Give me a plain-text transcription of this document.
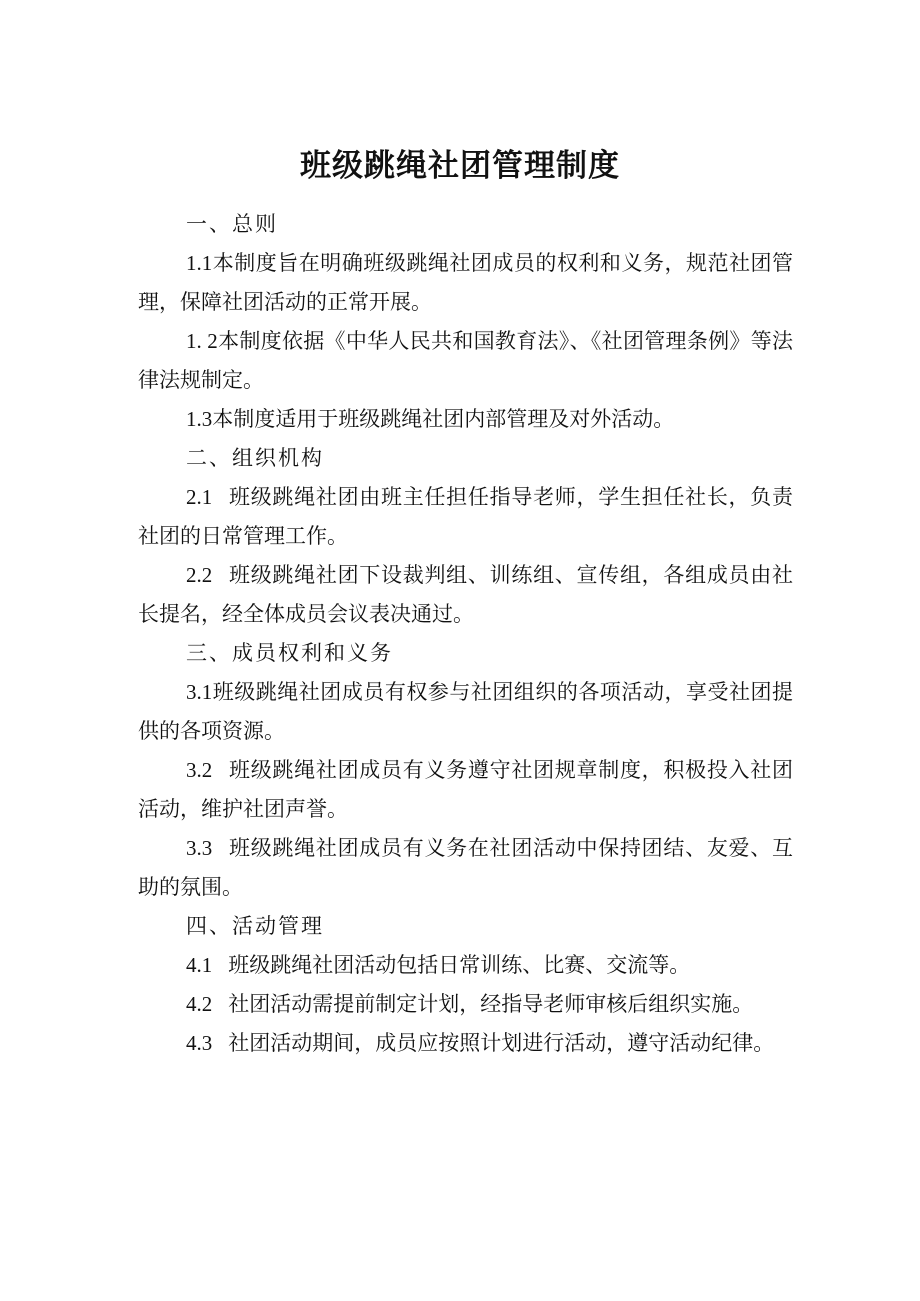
班级跳绳社团管理制度

一、总则

1.1本制度旨在明确班级跳绳社团成员的权利和义务，规范社团管理，保障社团活动的正常开展。

1. 2本制度依据《中华人民共和国教育法》、《社团管理条例》等法律法规制定。

1.3本制度适用于班级跳绳社团内部管理及对外活动。

二、组织机构

2.1 班级跳绳社团由班主任担任指导老师，学生担任社长，负责社团的日常管理工作。

2.2 班级跳绳社团下设裁判组、训练组、宣传组，各组成员由社长提名，经全体成员会议表决通过。

三、成员权利和义务

3.1班级跳绳社团成员有权参与社团组织的各项活动，享受社团提供的各项资源。

3.2 班级跳绳社团成员有义务遵守社团规章制度，积极投入社团活动，维护社团声誉。

3.3 班级跳绳社团成员有义务在社团活动中保持团结、友爱、互助的氛围。

四、活动管理

4.1 班级跳绳社团活动包括日常训练、比赛、交流等。

4.2 社团活动需提前制定计划，经指导老师审核后组织实施。

4.3 社团活动期间，成员应按照计划进行活动，遵守活动纪律。
